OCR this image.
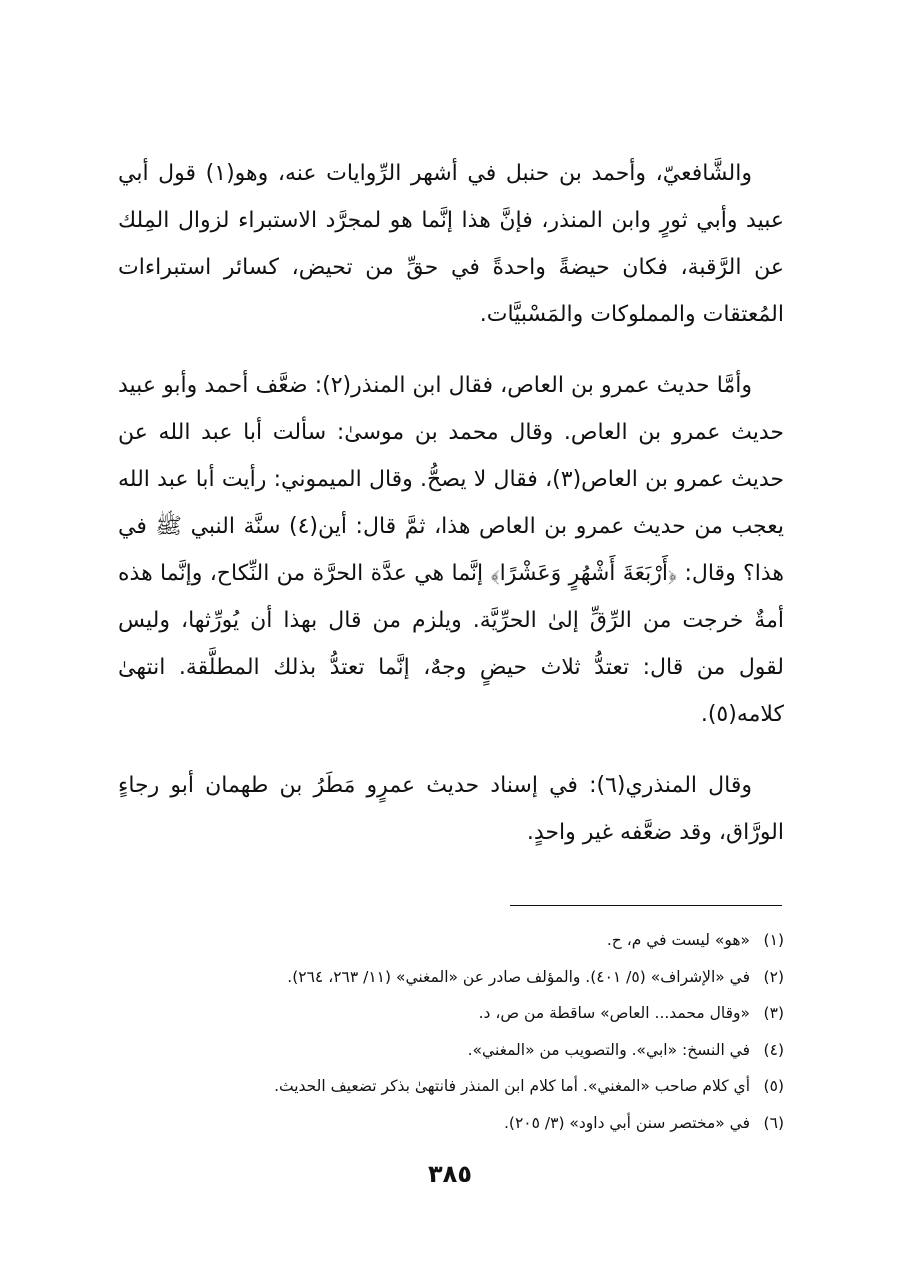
والشَّافعيّ، وأحمد بن حنبل في أشهر الرِّوايات عنه، وهو(١) قول أبي عبيد وأبي ثورٍ وابن المنذر، فإنَّ هذا إنَّما هو لمجرَّد الاستبراء لزوال المِلك عن الرَّقبة، فكان حيضةً واحدةً في حقِّ من تحيض، كسائر استبراءات المُعتقات والمملوكات والمَسْبيَّات.

وأمَّا حديث عمرو بن العاص، فقال ابن المنذر(٢): ضعَّف أحمد وأبو عبيد حديث عمرو بن العاص. وقال محمد بن موسىٰ: سألت أبا عبد الله عن حديث عمرو بن العاص(٣)، فقال لا يصحُّ. وقال الميموني: رأيت أبا عبد الله يعجب من حديث عمرو بن العاص هذا، ثمَّ قال: أين(٤) سنَّة النبي ﷺ في هذا؟ وقال: ﴿أَرْبَعَةَ أَشْهُرٍ وَعَشْرًا﴾ إنَّما هي عدَّة الحرَّة من النِّكاح، وإنَّما هذه أمةٌ خرجت من الرِّقِّ إلىٰ الحرِّيَّة. ويلزم من قال بهذا أن يُورِّثها، وليس لقول من قال: تعتدُّ ثلاث حيضٍ وجهٌ، إنَّما تعتدُّ بذلك المطلَّقة. انتهىٰ كلامه(٥).

وقال المنذري(٦): في إسناد حديث عمرٍو مَطَرُ بن طهمان أبو رجاءٍ الورَّاق، وقد ضعَّفه غير واحدٍ.

(١)«هو» ليست في م، ح.
(٢)في «الإشراف» (٥/ ٤٠١). والمؤلف صادر عن «المغني» (١١/ ٢٦٣، ٢٦٤).
(٣)«وقال محمد... العاص» ساقطة من ص، د.
(٤)في النسخ: «ابي». والتصويب من «المغني».
(٥)أي كلام صاحب «المغني». أما كلام ابن المنذر فانتهىٰ بذكر تضعيف الحديث.
(٦)في «مختصر سنن أبي داود» (٣/ ٢٠٥).
٣٨٥
